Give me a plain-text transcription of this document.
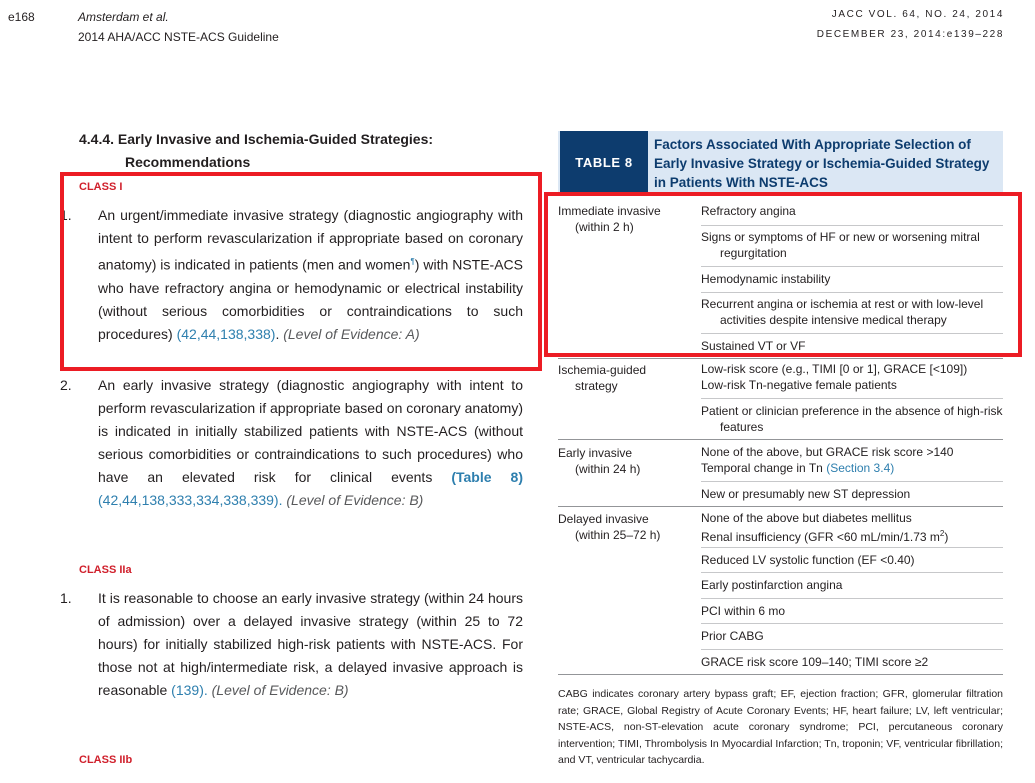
e168	Amsterdam et al.
2014 AHA/ACC NSTE-ACS Guideline
JACC VOL. 64, NO. 24, 2014
DECEMBER 23, 2014:e139–228
4.4.4. Early Invasive and Ischemia-Guided Strategies:
Recommendations
CLASS I
1. An urgent/immediate invasive strategy (diagnostic angiography with intent to perform revascularization if appropriate based on coronary anatomy) is indicated in patients (men and women¶) with NSTE-ACS who have refractory angina or hemodynamic or electrical instability (without serious comorbidities or contraindications to such procedures) (42,44,138,338). (Level of Evidence: A)
2. An early invasive strategy (diagnostic angiography with intent to perform revascularization if appropriate based on coronary anatomy) is indicated in initially stabilized patients with NSTE-ACS (without serious comorbidities or contraindications to such procedures) who have an elevated risk for clinical events (Table 8) (42,44,138,333,334,338,339). (Level of Evidence: B)
CLASS IIa
1. It is reasonable to choose an early invasive strategy (within 24 hours of admission) over a delayed invasive strategy (within 25 to 72 hours) for initially stabilized high-risk patients with NSTE-ACS. For those not at high/intermediate risk, a delayed invasive approach is reasonable (139). (Level of Evidence: B)
CLASS IIb
TABLE 8
Factors Associated With Appropriate Selection of Early Invasive Strategy or Ischemia-Guided Strategy in Patients With NSTE-ACS
Immediate invasive
(within 2 h)
Refractory angina
Signs or symptoms of HF or new or worsening mitral regurgitation
Hemodynamic instability
Recurrent angina or ischemia at rest or with low-level activities despite intensive medical therapy
Sustained VT or VF
Ischemia-guided
strategy
Low-risk score (e.g., TIMI [0 or 1], GRACE [<109])
Low-risk Tn-negative female patients
Patient or clinician preference in the absence of high-risk features
Early invasive
(within 24 h)
None of the above, but GRACE risk score >140
Temporal change in Tn (Section 3.4)
New or presumably new ST depression
Delayed invasive
(within 25–72 h)
None of the above but diabetes mellitus
Renal insufficiency (GFR <60 mL/min/1.73 $m^2$)
Reduced LV systolic function (EF <0.40)
Early postinfarction angina
PCI within 6 mo
Prior CABG
GRACE risk score 109–140; TIMI score ≥2
CABG indicates coronary artery bypass graft; EF, ejection fraction; GFR, glomerular filtration rate; GRACE, Global Registry of Acute Coronary Events; HF, heart failure; LV, left ventricular; NSTE-ACS, non-ST-elevation acute coronary syndrome; PCI, percutaneous coronary intervention; TIMI, Thrombolysis In Myocardial Infarction; Tn, troponin; VF, ventricular fibrillation; and VT, ventricular tachycardia.
